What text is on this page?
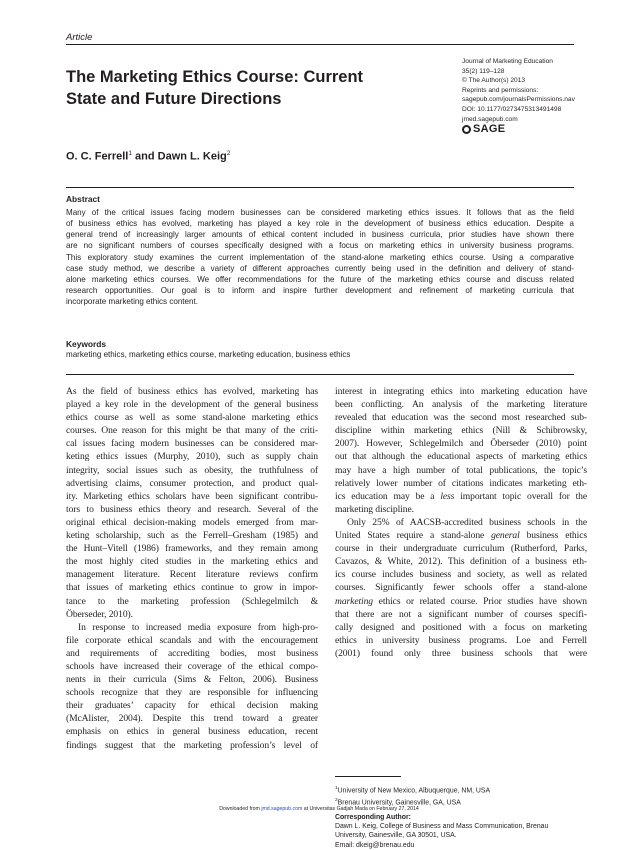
Article
The Marketing Ethics Course: Current
State and Future Directions
Journal of Marketing Education
35(2) 119–128
© The Author(s) 2013
Reprints and permissions:
sagepub.com/journalsPermissions.nav
DOI: 10.1177/0273475313491498
jmed.sagepub.com
SAGE
O. C. Ferrell$^1$ and Dawn L. Keig$^2$
Abstract
Many of the critical issues facing modern businesses can be considered marketing ethics issues. It follows that as the field
of business ethics has evolved, marketing has played a key role in the development of business ethics education. Despite a
general trend of increasingly larger amounts of ethical content included in business curricula, prior studies have shown there
are no significant numbers of courses specifically designed with a focus on marketing ethics in university business programs.
This exploratory study examines the current implementation of the stand-alone marketing ethics course. Using a comparative
case study method, we describe a variety of different approaches currently being used in the definition and delivery of stand-
alone marketing ethics courses. We offer recommendations for the future of the marketing ethics course and discuss related
research opportunities. Our goal is to inform and inspire further development and refinement of marketing curricula that
incorporate marketing ethics content.
Keywords
marketing ethics, marketing ethics course, marketing education, business ethics
As the field of business ethics has evolved, marketing has
played a key role in the development of the general business
ethics course as well as some stand-alone marketing ethics
courses. One reason for this might be that many of the criti-
cal issues facing modern businesses can be considered mar-
keting ethics issues (Murphy, 2010), such as supply chain
integrity, social issues such as obesity, the truthfulness of
advertising claims, consumer protection, and product qual-
ity. Marketing ethics scholars have been significant contribu-
tors to business ethics theory and research. Several of the
original ethical decision-making models emerged from mar-
keting scholarship, such as the Ferrell–Gresham (1985) and
the Hunt–Vitell (1986) frameworks, and they remain among
the most highly cited studies in the marketing ethics and
management literature. Recent literature reviews confirm
that issues of marketing ethics continue to grow in impor-
tance to the marketing profession (Schlegelmilch &
Öberseder, 2010).
In response to increased media exposure from high-pro-
file corporate ethical scandals and with the encouragement
and requirements of accrediting bodies, most business
schools have increased their coverage of the ethical compo-
nents in their curricula (Sims & Felton, 2006). Business
schools recognize that they are responsible for influencing
their graduates’ capacity for ethical decision making
(McAlister, 2004). Despite this trend toward a greater
emphasis on ethics in general business education, recent
findings suggest that the marketing profession’s level of
interest in integrating ethics into marketing education have
been conflicting. An analysis of the marketing literature
revealed that education was the second most researched sub-
discipline within marketing ethics (Nill & Schibrowsky,
2007). However, Schlegelmilch and Öberseder (2010) point
out that although the educational aspects of marketing ethics
may have a high number of total publications, the topic’s
relatively lower number of citations indicates marketing eth-
ics education may be a less important topic overall for the
marketing discipline.
Only 25% of AACSB-accredited business schools in the
United States require a stand-alone general business ethics
course in their undergraduate curriculum (Rutherford, Parks,
Cavazos, & White, 2012). This definition of a business eth-
ics course includes business and society, as well as related
courses. Significantly fewer schools offer a stand-alone
marketing ethics or related course. Prior studies have shown
that there are not a significant number of courses specifi-
cally designed and positioned with a focus on marketing
ethics in university business programs. Loe and Ferrell
(2001) found only three business schools that were
$^1$University of New Mexico, Albuquerque, NM, USA
$^2$Brenau University, Gainesville, GA, USA
Corresponding Author:
Dawn L. Keig, College of Business and Mass Communication, Brenau
University, Gainesville, GA 30501, USA.
Email: dkeig@brenau.edu
Downloaded from jmd.sagepub.com at Universitas Gadjah Mada on February 27, 2014
